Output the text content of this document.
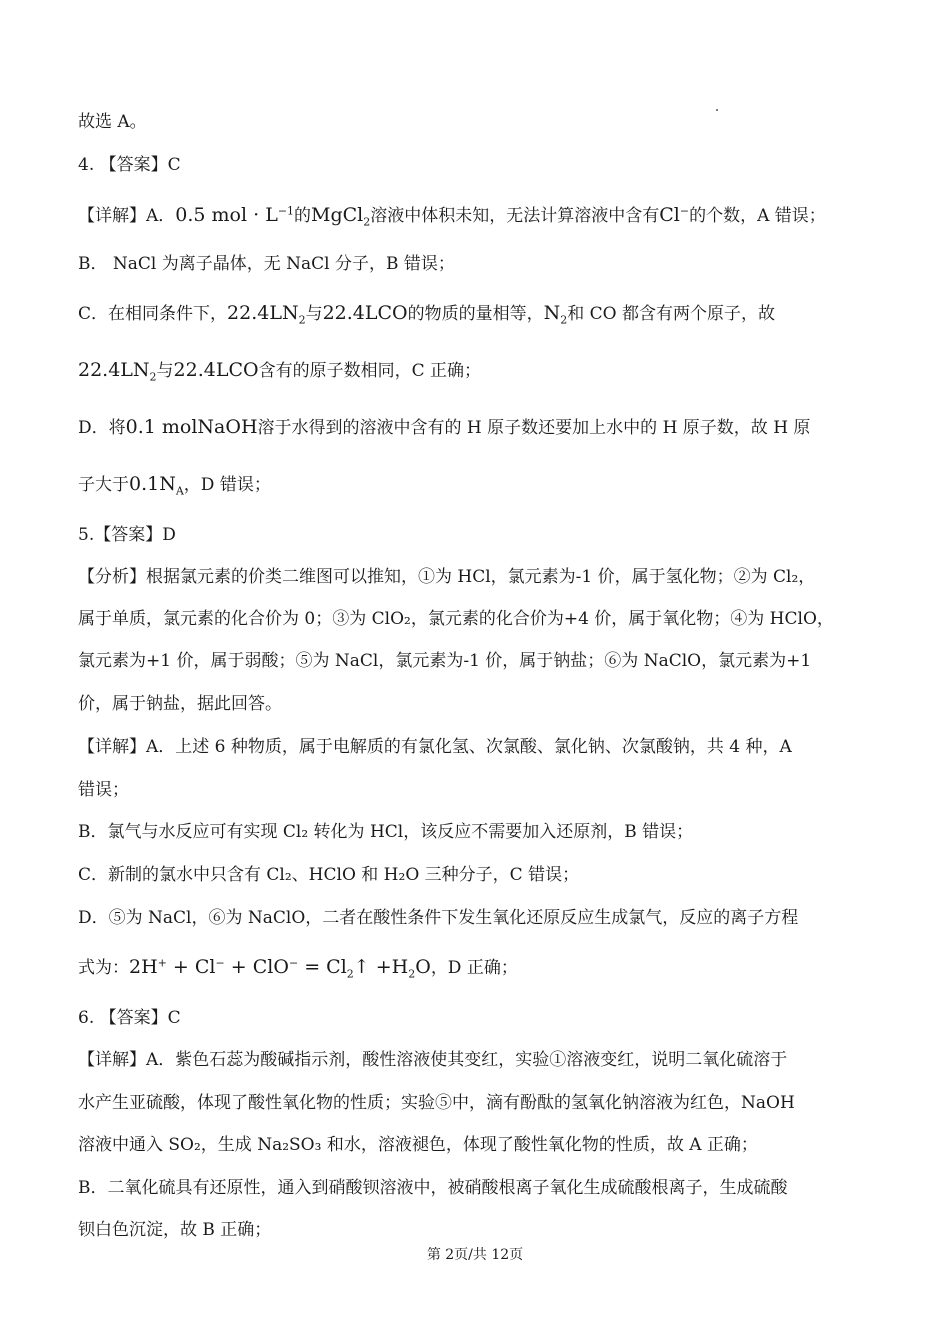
故选 A。
4. 【答案】C
【详解】A．0.5 mol · $L^{-1}$的MgCl$_2$溶液中体积未知，无法计算溶液中含有Cl−的个数，A 错误；
B． NaCl 为离子晶体，无 NaCl 分子，B 错误；
C．在相同条件下，$22.4LN_2$与22.4LCO的物质的量相等，$N_2$和 CO 都含有两个原子，故
$22.4LN_2$与22.4LCO含有的原子数相同，C 正确；
D．将0.1 molNaOH溶于水得到的溶液中含有的 H 原子数还要加上水中的 H 原子数，故 H 原
子大于$0.1N_A$，D 错误；
5.【答案】D
【分析】根据氯元素的价类二维图可以推知，①为 HCl，氯元素为-1 价，属于氢化物；②为 Cl₂，
属于单质，氯元素的化合价为 0；③为 ClO₂，氯元素的化合价为+4 价，属于氧化物；④为 HClO，
氯元素为+1 价，属于弱酸；⑤为 NaCl，氯元素为-1 价，属于钠盐；⑥为 NaClO，氯元素为+1
价，属于钠盐，据此回答。
【详解】A．上述 6 种物质，属于电解质的有氯化氢、次氯酸、氯化钠、次氯酸钠，共 4 种，A
错误；
B．氯气与水反应可有实现 Cl₂ 转化为 HCl，该反应不需要加入还原剂，B 错误；
C．新制的氯水中只含有 Cl₂、HClO 和 H₂O 三种分子，C 错误；
D．⑤为 NaCl，⑥为 NaClO，二者在酸性条件下发生氧化还原反应生成氯气，反应的离子方程
式为：$2H^+ + Cl^- + ClO^- = Cl_2↑ +H_2O$，D 正确；
6. 【答案】C
【详解】A．紫色石蕊为酸碱指示剂，酸性溶液使其变红，实验①溶液变红，说明二氧化硫溶于
水产生亚硫酸，体现了酸性氧化物的性质；实验⑤中，滴有酚酞的氢氧化钠溶液为红色，NaOH
溶液中通入 SO₂，生成 Na₂SO₃ 和水，溶液褪色，体现了酸性氧化物的性质，故 A 正确；
B．二氧化硫具有还原性，通入到硝酸钡溶液中，被硝酸根离子氧化生成硫酸根离子，生成硫酸
钡白色沉淀，故 B 正确；
第 2页/共 12页
